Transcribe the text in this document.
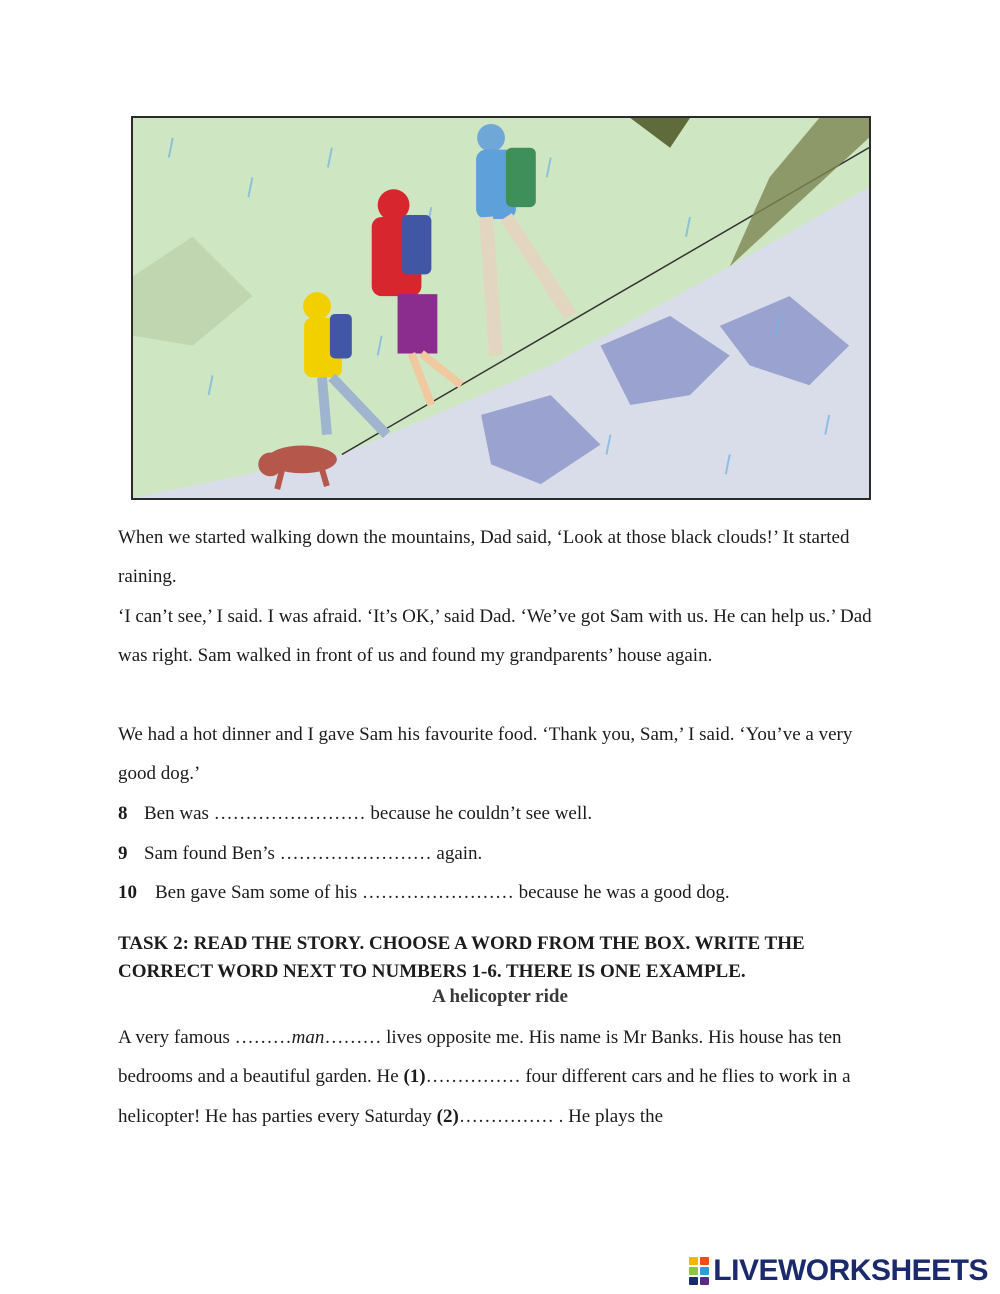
When we started walking down the mountains, Dad said, ‘Look at those black clouds!’ It started raining.

‘I can’t see,’ I said. I was afraid. ‘It’s OK,’ said Dad. ‘We’ve got Sam with us. He can help us.’ Dad was right. Sam walked in front of us and found my grandparents’ house again.

We had a hot dinner and I gave Sam his favourite food. ‘Thank you, Sam,’ I said. ‘You’ve a very good dog.’

8 Ben was …………………… because he couldn’t see well.

9 Sam found Ben’s …………………… again.

10 Ben gave Sam some of his …………………… because he was a good dog.

TASK 2: READ THE STORY. CHOOSE A WORD FROM THE BOX. WRITE THE CORRECT WORD NEXT TO NUMBERS 1-6. THERE IS ONE EXAMPLE.

A helicopter ride

A very famous ………man……… lives opposite me. His name is Mr Banks. His house has ten bedrooms and a beautiful garden. He (1)…………… four different cars and he flies to work in a helicopter! He has parties every Saturday (2)…………… . He plays the

LIVEWORKSHEETS
